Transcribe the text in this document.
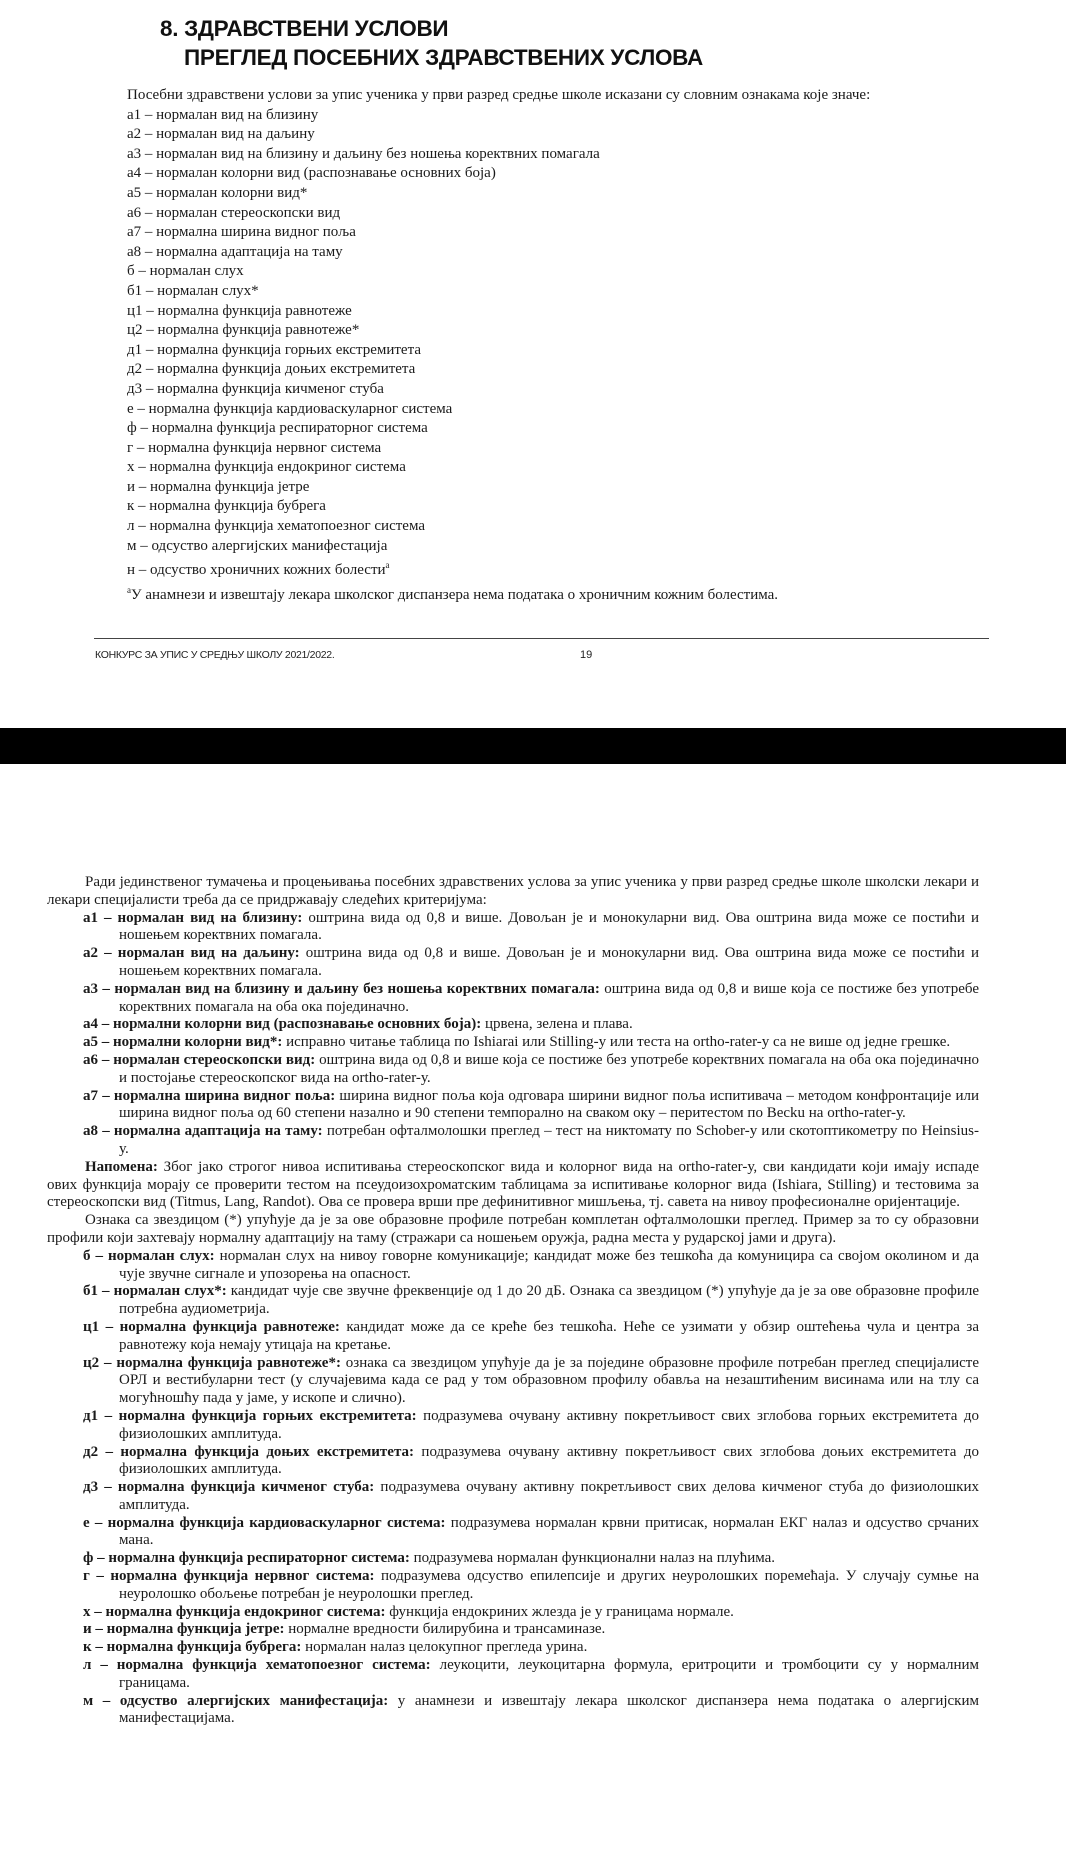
8. ЗДРАВСТВЕНИ УСЛОВИ
ПРЕГЛЕД ПОСЕБНИХ ЗДРАВСТВЕНИХ УСЛОВА
Посебни здравствени услови за упис ученика у први разред средње школе исказани су словним ознакама које значе:
а1 – нормалан вид на близину
а2 – нормалан вид на даљину
а3 – нормалан вид на близину и даљину без ношења коректвних помагала
а4 – нормалан колорни вид (распознавање основних боја)
а5 – нормалан колорни вид*
а6 – нормалан стереоскопски вид
а7 – нормална ширина видног поља
а8 – нормална адаптација на таму
б – нормалан слух
б1 – нормалан слух*
ц1 – нормална функција равнотеже
ц2 – нормална функција равнотеже*
д1 – нормална функција горњих екстремитета
д2 – нормална функција доњих екстремитета
д3 – нормална функција кичменог стуба
е – нормална функција кардиоваскуларног система
ф – нормална функција респираторног система
г – нормална функција нервног система
х – нормална функција ендокриног система
и – нормална функција јетре
к – нормална функција бубрега
л – нормална функција хематопоезног система
м – одсуство алергијских манифестација
н – одсуство хроничних кожних болести$^а$
$^а$У анамнези и извештају лекара школског диспанзера нема података о хроничним кожним болестима.
КОНКУРС ЗА УПИС У СРЕДЊУ ШКОЛУ 2021/2022.	19

Ради јединственог тумачења и процењивања посебних здравствених услова за упис ученика у први разред средње школе школски лекари и лекари специјалисти треба да се придржавају следећих критеријума:

а1 – нормалан вид на близину: оштрина вида од 0,8 и више. Довољан је и монокуларни вид. Ова оштрина вида може се постићи и ношењем коректвних помагала.

а2 – нормалан вид на даљину: оштрина вида од 0,8 и више. Довољан је и монокуларни вид. Ова оштрина вида може се постићи и ношењем коректвних помагала.

а3 – нормалан вид на близину и даљину без ношења коректвних помагала: оштрина вида од 0,8 и више која се постиже без употребе коректвних помагала на оба ока појединачно.

а4 – нормални колорни вид (распознавање основних боја): црвена, зелена и плава.

а5 – нормални колорни вид*: исправно читање таблица по Ishiarai или Stilling-у или теста на ortho-rater-у са не више од једне грешке.

а6 – нормалан стереоскопски вид: оштрина вида од 0,8 и више која се постиже без употребе коректвних помагала на оба ока појединачно и постојање стереоскопског вида на ortho-rater-у.

а7 – нормална ширина видног поља: ширина видног поља која одговара ширини видног поља испитивача – методом конфронтације или ширина видног поља од 60 степени назално и 90 степени темпорално на сваком оку – перитестом по Becku на ortho-rater-у.

а8 – нормална адаптација на таму: потребан офталмолошки преглед – тест на никтомату по Schober-у или скотоптикометру по Heinsius-у.

Напомена: Због јако строгог нивоа испитивања стереоскопског вида и колорног вида на ortho-rater-у, сви кандидати који имају испаде ових функција морају се проверити тестом на псеудоизохроматским таблицама за испитивање колорног вида (Ishiara, Stilling) и тестовима за стереоскопски вид (Titmus, Lang, Randot). Ова се провера врши пре дефинитивног мишљења, тј. савета на нивоу професионалне оријентације.

Ознака са звездицом (*) упућује да је за ове образовне профиле потребан комплетан офталмолошки преглед. Пример за то су образовни профили који захтевају нормалну адаптацију на таму (стражари са ношењем оружја, радна места у рударској јами и друга).

б – нормалан слух: нормалан слух на нивоу говорне комуникације; кандидат може без тешкоћа да комуницира са својом околином и да чује звучне сигнале и упозорења на опасност.

б1 – нормалан слух*: кандидат чује све звучне фреквенције од 1 до 20 дБ. Ознака са звездицом (*) упућује да је за ове образовне профиле потребна аудиометрија.

ц1 – нормална функција равнотеже: кандидат може да се креће без тешкоћа. Неће се узимати у обзир оштећења чула и центра за равнотежу која немају утицаја на кретање.

ц2 – нормална функција равнотеже*: ознака са звездицом упућује да је за поједине образовне профиле потребан преглед специјалисте ОРЛ и вестибуларни тест (у случајевима када се рад у том образовном профилу обавља на незаштићеним висинама или на тлу са могућношћу пада у јаме, у ископе и слично).

д1 – нормална функција горњих екстремитета: подразумева очувану активну покретљивост свих зглобова горњих екстремитета до физиолошких амплитуда.

д2 – нормална функција доњих екстремитета: подразумева очувану активну покретљивост свих зглобова доњих екстремитета до физиолошких амплитуда.

д3 – нормална функција кичменог стуба: подразумева очувану активну покретљивост свих делова кичменог стуба до физиолошких амплитуда.

е – нормална функција кардиоваскуларног система: подразумева нормалан крвни притисак, нормалан ЕКГ налаз и одсуство срчаних мана.

ф – нормална функција респираторног система: подразумева нормалан функционални налаз на плућима.

г – нормална функција нервног система: подразумева одсуство епилепсије и других неуролошких поремећаја. У случају сумње на неуролошко обољење потребан је неуролошки преглед.

х – нормална функција ендокриног система: функција ендокриних жлезда је у границама нормале.

и – нормална функција јетре: нормалне вредности билирубина и трансаминазе.

к – нормална функција бубрега: нормалан налаз целокупног прегледа урина.

л – нормална функција хематопоезног система: леукоцити, леукоцитарна формула, еритроцити и тромбоцити су у нормалним границама.

м – одсуство алергијских манифестација: у анамнези и извештају лекара школског диспанзера нема података о алергијским манифестацијама.
